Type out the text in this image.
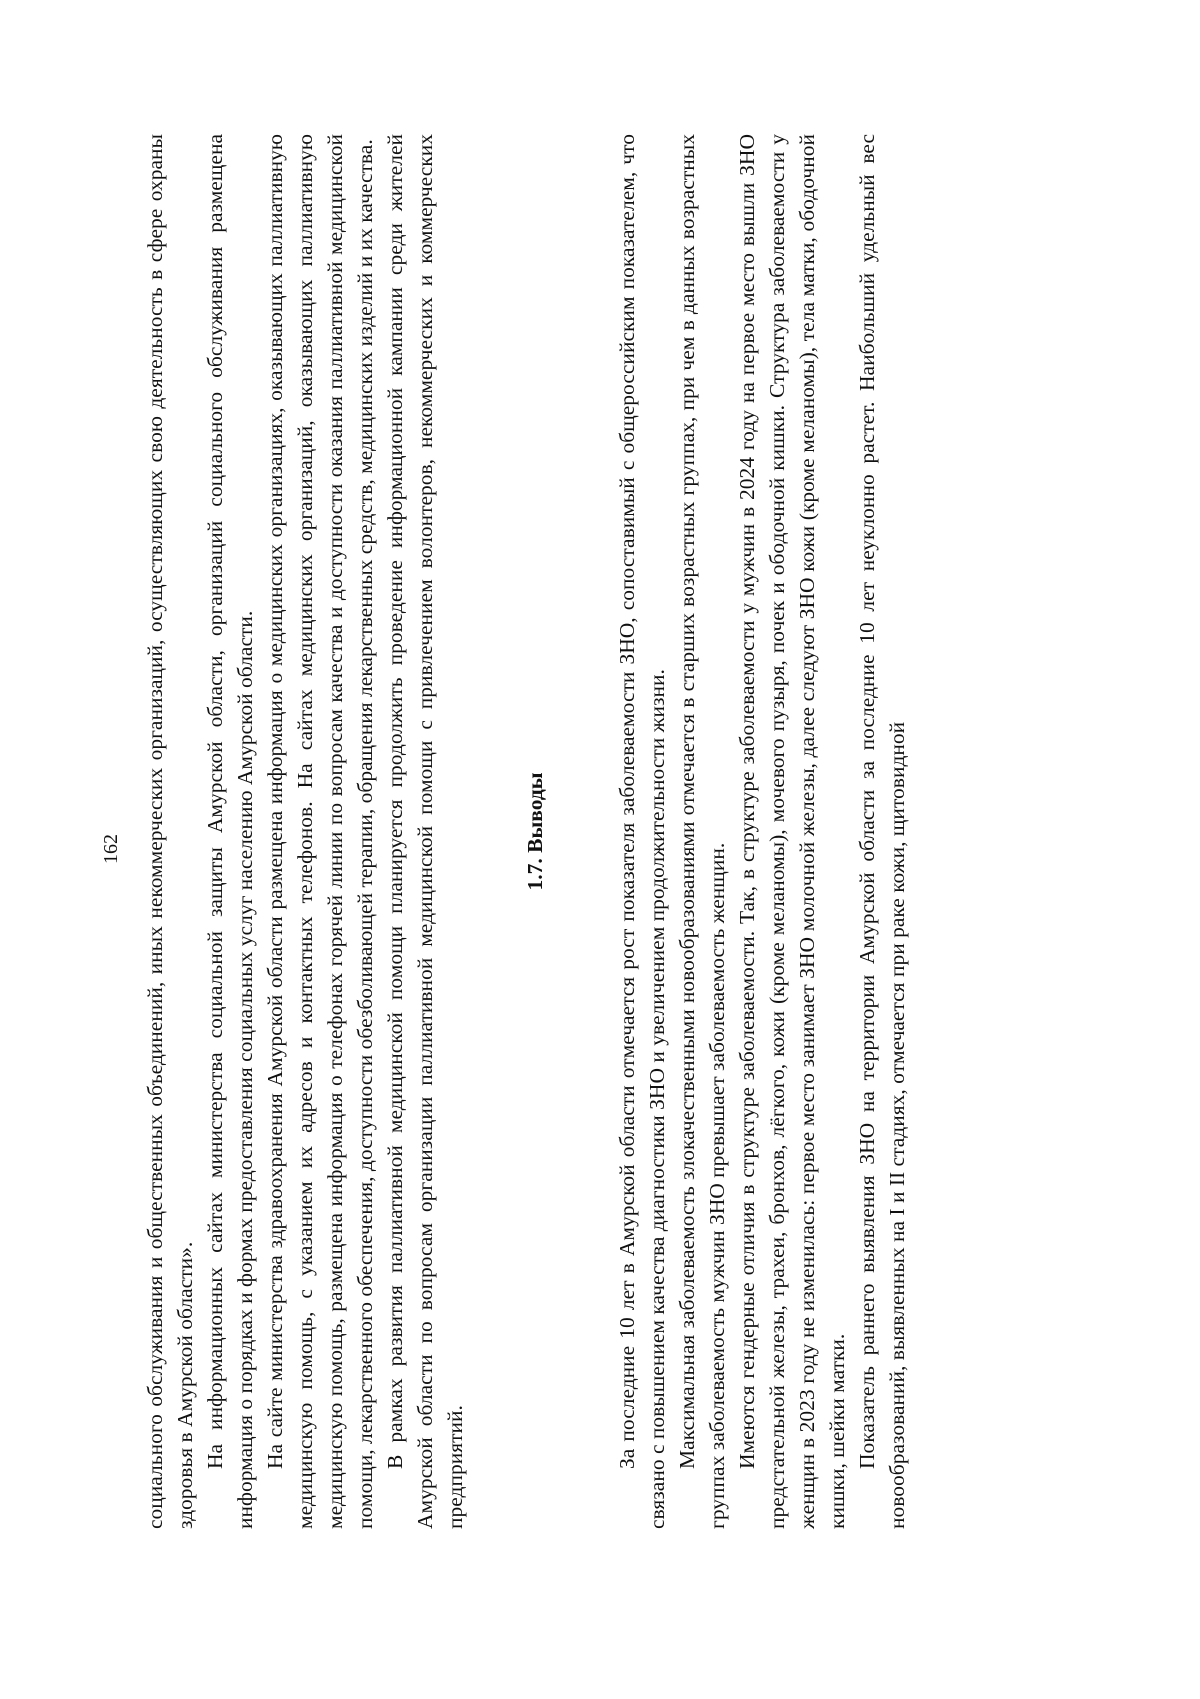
162 социального обслуживания и общественных объединений, иных некоммерческих организаций, осуществляющих свою деятельность в сфере охраны здоровья в Амурской области». На информационных сайтах министерства социальной защиты Амурской области, организаций социального обслуживания размещена информация о порядках и формах предоставления социальных услуг населению Амурской области. На сайте министерства здравоохранения Амурской области размещена информация о медицинских организациях, оказывающих паллиативную медицинскую помощь, с указанием их адресов и контактных телефонов. На сайтах медицинских организаций, оказывающих паллиативную медицинскую помощь, размещена информация о телефонах горячей линии по вопросам качества и доступности оказания паллиативной медицинской помощи, лекарственного обеспечения, доступности обезболивающей терапии, обращения лекарственных средств, медицинских изделий и их качества. В рамках развития паллиативной медицинской помощи планируется продолжить проведение информационной кампании среди жителей Амурской области по вопросам организации паллиативной медицинской помощи с привлечением волонтеров, некоммерческих и коммерческих предприятий.

1.7. Выводы	За последние 10 лет в Амурской области отмечается рост показателя заболеваемости ЗНО, сопоставимый с общероссийским показателем, что связано с повышением качества диагностики ЗНО и увеличением продолжительности жизни. Максимальная заболеваемость злокачественными новообразованиями отмечается в старших возрастных группах, при чем в данных возрастных группах заболеваемость мужчин ЗНО превышает заболеваемость женщин. Имеются гендерные отличия в структуре заболеваемости. Так, в структуре заболеваемости у мужчин в 2024 году на первое место вышли ЗНО предстательной железы, трахеи, бронхов, лёгкого, кожи (кроме меланомы), мочевого пузыря, почек и ободочной кишки. Структура заболеваемости у женщин в 2023 году не изменилась: первое место занимает ЗНО молочной железы, далее следуют ЗНО кожи (кроме меланомы), тела матки, ободочной кишки, шейки матки. Показатель раннего выявления ЗНО на территории Амурской области за последние 10 лет неуклонно растет. Наибольший удельный вес новообразований, выявленных на I и II стадиях, отмечается при раке кожи, щитовидной
